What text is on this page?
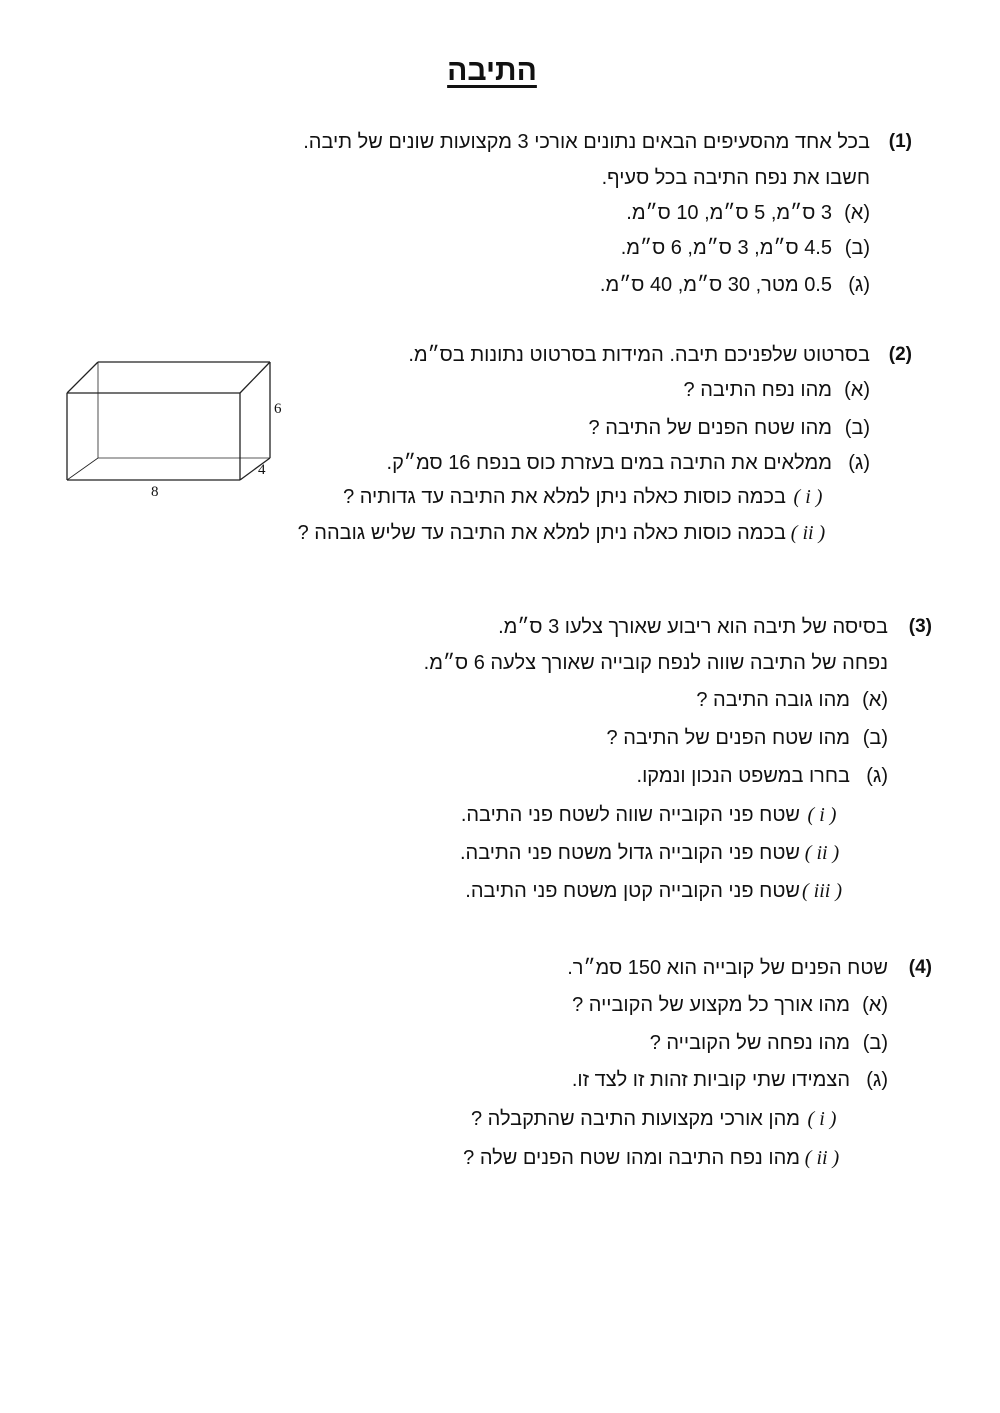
התיבה
(1)
בכל אחד מהסעיפים הבאים נתונים אורכי 3 מקצועות שונים של תיבה.
חשבו את נפח התיבה בכל סעיף.
(א)
3 ס״מ, 5 ס״מ, 10 ס״מ.
(ב)
4.5 ס״מ, 3 ס״מ, 6 ס״מ.
(ג)
0.5 מטר, 30 ס״מ, 40 ס״מ.
(2)
בסרטוט שלפניכם תיבה. המידות בסרטוט נתונות בס״מ.
(א)
מהו נפח התיבה ?
(ב)
מהו שטח הפנים של התיבה ?
(ג)
ממלאים את התיבה במים בעזרת כוס בנפח 16 סמ״ק.
( i )
בכמה כוסות כאלה ניתן למלא את התיבה עד גדותיה ?
( ii )
בכמה כוסות כאלה ניתן למלא את התיבה עד שליש גובהה ?
6
4
8
(3)
בסיסה של תיבה הוא ריבוע שאורך צלעו 3 ס״מ.
נפחה של התיבה שווה לנפח קובייה שאורך צלעה 6 ס״מ.
(א)
מהו גובה התיבה ?
(ב)
מהו שטח הפנים של התיבה ?
(ג)
בחרו במשפט הנכון ונמקו.
( i )
שטח פני הקובייה שווה לשטח פני התיבה.
( ii )
שטח פני הקובייה גדול משטח פני התיבה.
( iii )
שטח פני הקובייה קטן משטח פני התיבה.
(4)
שטח הפנים של קובייה הוא 150 סמ״ר.
(א)
מהו אורך כל מקצוע של הקובייה ?
(ב)
מהו נפחה של הקובייה ?
(ג)
הצמידו שתי קוביות זהות זו לצד זו.
( i )
מהן אורכי מקצועות התיבה שהתקבלה ?
( ii )
מהו נפח התיבה ומהו שטח הפנים שלה ?
